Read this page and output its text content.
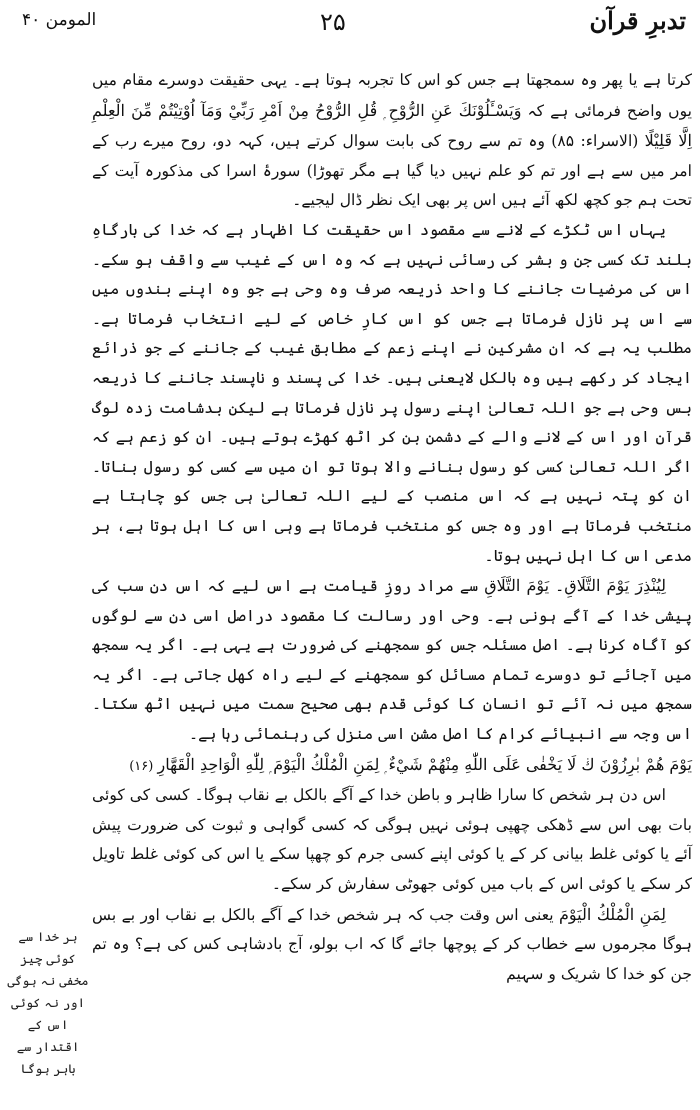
تدبرِ قرآن
۲۵
المومن ۴۰

کرتا ہے یا پھر وہ سمجھتا ہے جس کو اس کا تجربہ ہوتا ہے۔ یہی حقیقت دوسرے مقام میں یوں واضح فرمائی ہے کہ وَيَسْـَٔلُوْنَكَ عَنِ الرُّوْحِ ۭ قُلِ الرُّوْحُ مِنْ اَمْرِ رَبِّيْ وَمَآ اُوْتِيْتُمْ مِّنَ الْعِلْمِ اِلَّا قَلِيْلًا (الاسراء: ۸۵) وہ تم سے روح کی بابت سوال کرتے ہیں، کہہ دو، روح میرے رب کے امر میں سے ہے اور تم کو علم نہیں دیا گیا ہے مگر تھوڑا) سورۂ اسرا کی مذکورہ آیت کے تحت ہم جو کچھ لکھ آئے ہیں اس پر بھی ایک نظر ڈال لیجیے۔

یہاں اس ٹکڑے کے لانے سے مقصود اس حقیقت کا اظہار ہے کہ خدا کی بارگاہِ بلند تک کسی جن و بشر کی رسائی نہیں ہے کہ وہ اس کے غیب سے واقف ہو سکے۔ اس کی مرضیات جاننے کا واحد ذریعہ صرف وہ وحی ہے جو وہ اپنے بندوں میں سے اس پر نازل فرماتا ہے جس کو اس کارِ خاص کے لیے انتخاب فرماتا ہے۔ مطلب یہ ہے کہ ان مشرکین نے اپنے زعم کے مطابق غیب کے جاننے کے جو ذرائع ایجاد کر رکھے ہیں وہ بالکل لایعنی ہیں۔ خدا کی پسند و ناپسند جاننے کا ذریعہ بس وحی ہے جو اللہ تعالیٰ اپنے رسول پر نازل فرماتا ہے لیکن بدشامت زدہ لوگ قرآن اور اس کے لانے والے کے دشمن بن کر اٹھ کھڑے ہوتے ہیں۔ ان کو زعم ہے کہ اگر اللہ تعالیٰ کسی کو رسول بنانے والا ہوتا تو ان میں سے کسی کو رسول بناتا۔ ان کو پتہ نہیں ہے کہ اس منصب کے لیے اللہ تعالیٰ ہی جس کو چاہتا ہے منتخب فرماتا ہے اور وہ جس کو منتخب فرماتا ہے وہی اس کا اہل ہوتا ہے، ہر مدعی اس کا اہل نہیں ہوتا۔

لِيُنْذِرَ يَوْمَ التَّلَاقِ۔ يَوْمَ التَّلَاقِ سے مراد روزِ قیامت ہے اس لیے کہ اس دن سب کی پیشی خدا کے آگے ہونی ہے۔ وحی اور رسالت کا مقصود دراصل اسی دن سے لوگوں کو آگاہ کرنا ہے۔ اصل مسئلہ جس کو سمجھنے کی ضرورت ہے یہی ہے۔ اگر یہ سمجھ میں آجائے تو دوسرے تمام مسائل کو سمجھنے کے لیے راہ کھل جاتی ہے۔ اگر یہ سمجھ میں نہ آئے تو انسان کا کوئی قدم بھی صحیح سمت میں نہیں اٹھ سکتا۔ اس وجہ سے انبیائے کرام کا اصل مشن اسی منزل کی رہنمائی رہا ہے۔

يَوْمَ هُمْ بٰرِزُوْنَ ڬ لَا يَخْفٰى عَلَى اللّٰهِ مِنْهُمْ شَيْءٌ ۭ لِمَنِ الْمُلْكُ الْيَوْمَ ۭ لِلّٰهِ الْوَاحِدِ الْقَهَّارِ (۱۶)

اس دن ہر شخص کا سارا ظاہر و باطن خدا کے آگے بالکل بے نقاب ہوگا۔ کسی کی کوئی بات بھی اس سے ڈھکی چھپی ہوئی نہیں ہوگی کہ کسی گواہی و ثبوت کی ضرورت پیش آئے یا کوئی غلط بیانی کر کے یا کوئی اپنے کسی جرم کو چھپا سکے یا اس کی کوئی غلط تاویل کر سکے یا کوئی اس کے باب میں کوئی جھوٹی سفارش کر سکے۔

لِمَنِ الْمُلْكُ الْيَوْمَ یعنی اس وقت جب کہ ہر شخص خدا کے آگے بالکل بے نقاب اور بے بس ہوگا مجرموں سے خطاب کر کے پوچھا جائے گا کہ اب بولو، آج بادشاہی کس کی ہے؟ وہ تم جن کو خدا کا شریک و سہیم

ہر خدا سے کوئی چیز مخفی نہ ہوگی اور نہ کوئی اس کے اقتدار سے باہر ہوگا
